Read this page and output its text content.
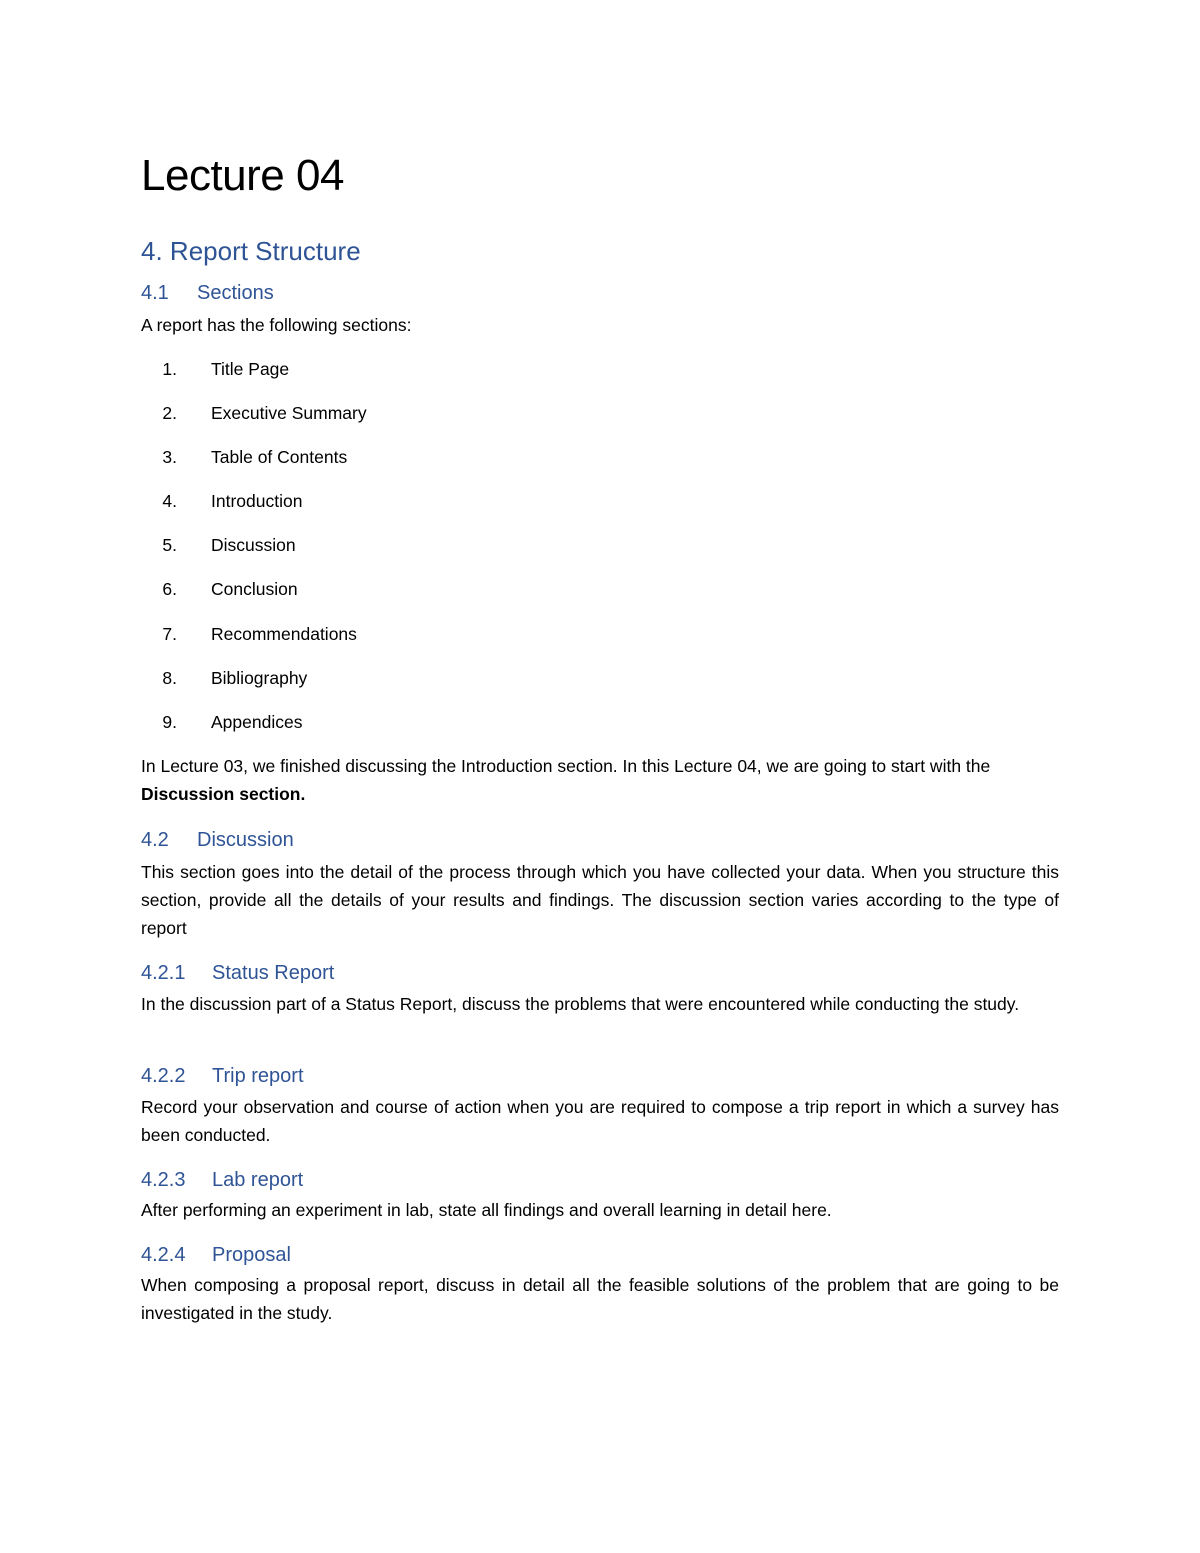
Lecture 04
4. Report Structure
4.1 Sections

A report has the following sections:

1. Title Page
2. Executive Summary
3. Table of Contents
4. Introduction
5. Discussion
6. Conclusion
7. Recommendations
8. Bibliography
9. Appendices

In Lecture 03, we finished discussing the Introduction section. In this Lecture 04, we are going to start with the Discussion section.

4.2 Discussion

This section goes into the detail of the process through which you have collected your data. When you structure this section, provide all the details of your results and findings. The discussion section varies according to the type of report

4.2.1 Status Report

In the discussion part of a Status Report, discuss the problems that were encountered while conducting the study.

4.2.2 Trip report

Record your observation and course of action when you are required to compose a trip report in which a survey has been conducted.

4.2.3 Lab report

After performing an experiment in lab, state all findings and overall learning in detail here.

4.2.4 Proposal

When composing a proposal report, discuss in detail all the feasible solutions of the problem that are going to be investigated in the study.
